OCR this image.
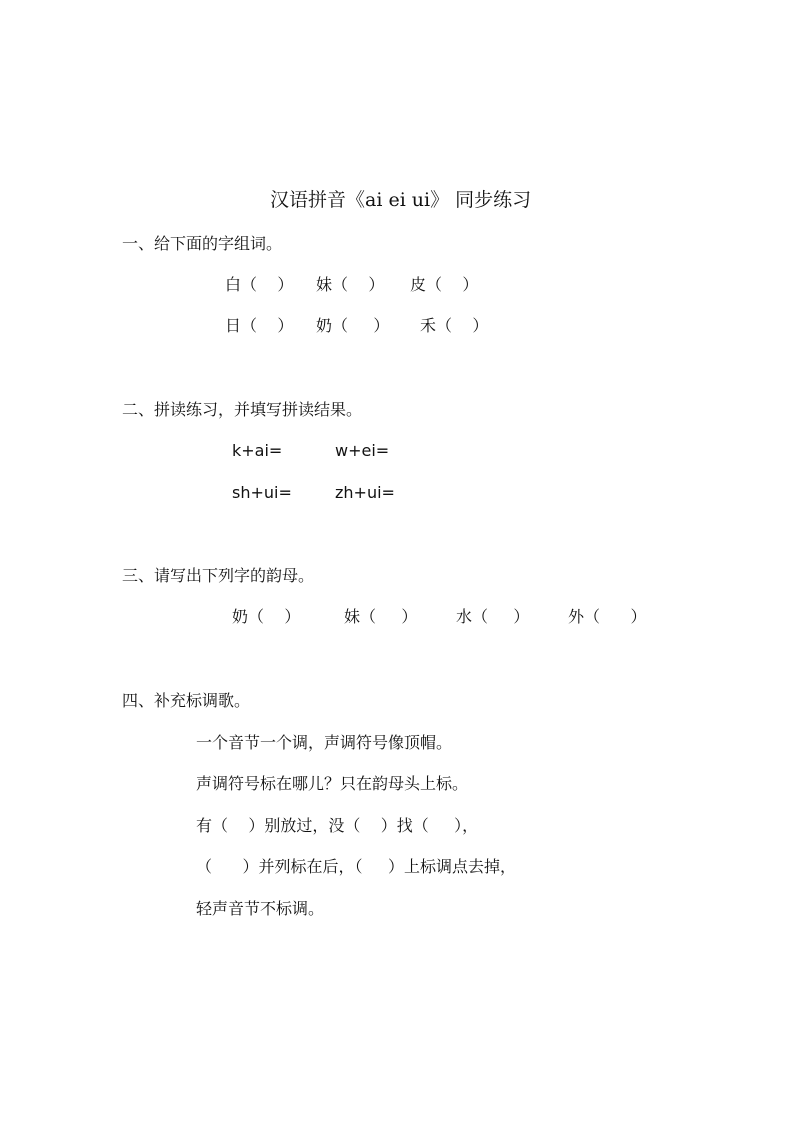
汉语拼音《ai ei ui》 同步练习
一、给下面的字组词。
白（    ） 妹（    ） 皮（    ）
日（    ） 奶（     ） 禾（    ）
二、拼读练习，并填写拼读结果。
k+ai=	w+ei=
sh+ui=	zh+ui=
三、请写出下列字的韵母。
奶（    ）	妹（     ） 水（     ） 外（      ）
四、补充标调歌。
一个音节一个调，声调符号像顶帽。
声调符号标在哪儿？只在韵母头上标。
有（    ）别放过，没（    ）找（     ），
（      ）并列标在后，（     ）上标调点去掉，
轻声音节不标调。
